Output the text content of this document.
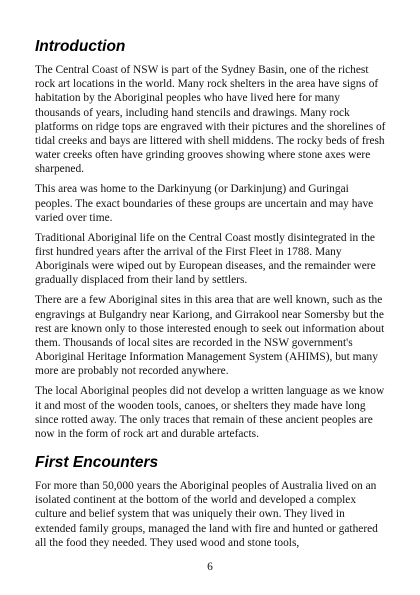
Introduction

The Central Coast of NSW is part of the Sydney Basin, one of the richest rock art locations in the world. Many rock shelters in the area have signs of habitation by the Aboriginal peoples who have lived here for many thousands of years, including hand stencils and drawings. Many rock platforms on ridge tops are engraved with their pictures and the shorelines of tidal creeks and bays are littered with shell middens. The rocky beds of fresh water creeks often have grinding grooves showing where stone axes were sharpened.

This area was home to the Darkinyung (or Darkinjung) and Guringai peoples. The exact boundaries of these groups are uncertain and may have varied over time.

Traditional Aboriginal life on the Central Coast mostly disintegrated in the first hundred years after the arrival of the First Fleet in 1788. Many Aboriginals were wiped out by European diseases, and the remainder were gradually displaced from their land by settlers.

There are a few Aboriginal sites in this area that are well known, such as the engravings at Bulgandry near Kariong, and Girrakool near Somersby but the rest are known only to those interested enough to seek out information about them. Thousands of local sites are recorded in the NSW government's Aboriginal Heritage Information Management System (AHIMS), but many more are probably not recorded anywhere.

The local Aboriginal peoples did not develop a written language as we know it and most of the wooden tools, canoes, or shelters they made have long since rotted away. The only traces that remain of these ancient peoples are now in the form of rock art and durable artefacts.

First Encounters

For more than 50,000 years the Aboriginal peoples of Australia lived on an isolated continent at the bottom of the world and developed a complex culture and belief system that was uniquely their own. They lived in extended family groups, managed the land with fire and hunted or gathered all the food they needed. They used wood and stone tools,

6
